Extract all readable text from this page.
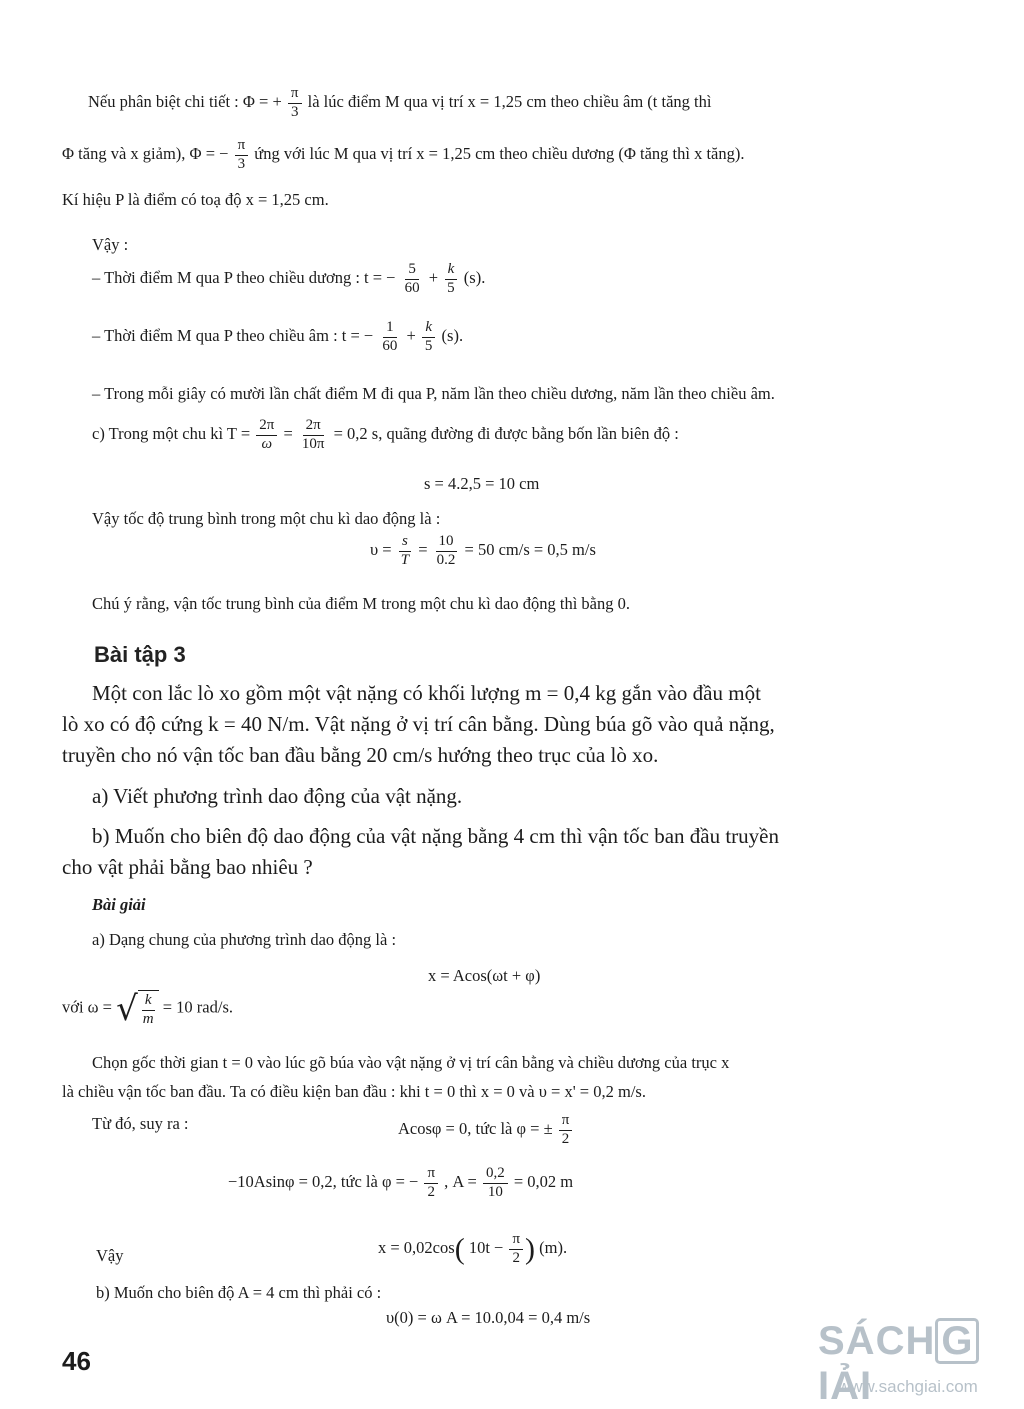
Nếu phân biệt chi tiết : Φ = + $\frac{\pi}{3}$ là lúc điểm M qua vị trí x = 1,25 cm theo chiều âm (t tăng thì
Φ tăng và x giảm), Φ = − $\frac{\pi}{3}$ ứng với lúc M qua vị trí x = 1,25 cm theo chiều dương (Φ tăng thì x tăng).
Kí hiệu P là điểm có toạ độ x = 1,25 cm.
Vậy :
– Thời điểm M qua P theo chiều dương : t = − $\frac{5}{60} + \frac{k}{5} (s)$.
– Thời điểm M qua P theo chiều âm : t = − $\frac{1}{60} + \frac{k}{5} (s)$.
– Trong mỗi giây có mười lần chất điểm M đi qua P, năm lần theo chiều dương, năm lần theo chiều âm.
c) Trong một chu kì $T = \frac{2\pi}{\omega} = \frac{2\pi}{10\pi} = 0,2$ s, quãng đường đi được bằng bốn lần biên độ :
s = 4.2,5 = 10 cm
Vậy tốc độ trung bình trong một chu kì dao động là :
$\upsilon = \frac{s}{T} = \frac{10}{0.2} = 50$ cm/s = 0,5 m/s
Chú ý rằng, vận tốc trung bình của điểm M trong một chu kì dao động thì bằng 0.
Bài tập 3
Một con lắc lò xo gồm một vật nặng có khối lượng m = 0,4 kg gắn vào đầu một
lò xo có độ cứng k = 40 N/m. Vật nặng ở vị trí cân bằng. Dùng búa gõ vào quả nặng,
truyền cho nó vận tốc ban đầu bằng 20 cm/s hướng theo trục của lò xo.
a) Viết phương trình dao động của vật nặng.
b) Muốn cho biên độ dao động của vật nặng bằng 4 cm thì vận tốc ban đầu truyền
cho vật phải bằng bao nhiêu ?
Bài giải
a) Dạng chung của phương trình dao động là :
x = Acos(ωt + φ)
với ω = √ $\frac{k}{m} = 10$ rad/s.
Chọn gốc thời gian t = 0 vào lúc gõ búa vào vật nặng ở vị trí cân bằng và chiều dương của trục x
là chiều vận tốc ban đầu. Ta có điều kiện ban đầu : khi t = 0 thì x = 0 và υ = x' = 0,2 m/s.
Từ đó, suy ra :	Acosφ = 0, tức là φ = ± $\frac{\pi}{2}$
−10Asinφ = 0,2, tức là φ = − $\frac{\pi}{2}$ , $A = \frac{0,2}{10} = 0,02$ m
Vậy	x = 0,02cos( $10t - \frac{\pi}{2}$ ) (m).
b) Muốn cho biên độ A = 4 cm thì phải có :
υ(0) = ω A = 10.0,04 = 0,4 m/s
46	SÁCH GIẢI
www.sachgiai.com
